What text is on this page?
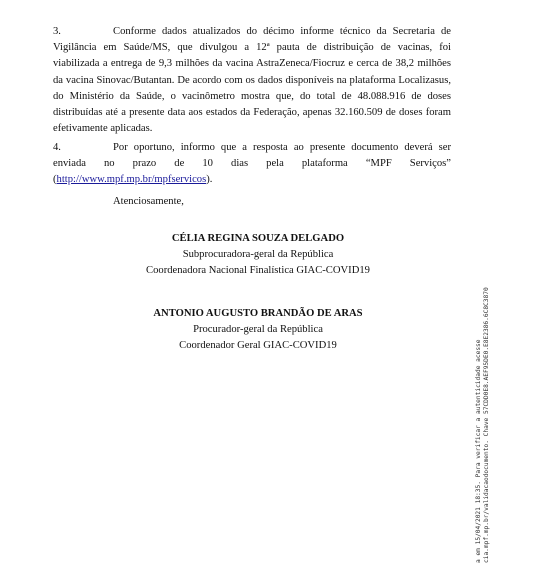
3.	Conforme dados atualizados do décimo informe técnico da Secretaria de
Vigilância em Saúde/MS, que divulgou a 12ª pauta de distribuição de vacinas, foi
viabilizada a entrega de 9,3 milhões da vacina AstraZeneca/Fiocruz e cerca de 38,2 milhões
da vacina Sinovac/Butantan. De acordo com os dados disponíveis na plataforma Localizasus,
do Ministério da Saúde, o vacinômetro mostra que, do total de 48.088.916 de doses
distribuídas até a presente data aos estados da Federação, apenas 32.160.509 de doses foram
efetivamente aplicadas.
4.	Por oportuno, informo que a resposta ao presente documento deverá ser
enviada no prazo de 10 dias pela plataforma “MPF Serviços”
(http://www.mpf.mp.br/mpfservicos).
Atenciosamente,
CÉLIA REGINA SOUZA DELGADO
Subprocuradora-geral da República
Coordenadora Nacional Finalística GIAC-COVID19
ANTONIO AUGUSTO BRANDÃO DE ARAS
Procurador-geral da República
Coordenador Geral GIAC-COVID19	a em 15/04/2021 18:35. Para verificar a autenticidade acesse cia.mpf.mp.br/validacaodocumento. Chave 57CDD0E8.AEF95DE0.E8E2386.6C8C3870
